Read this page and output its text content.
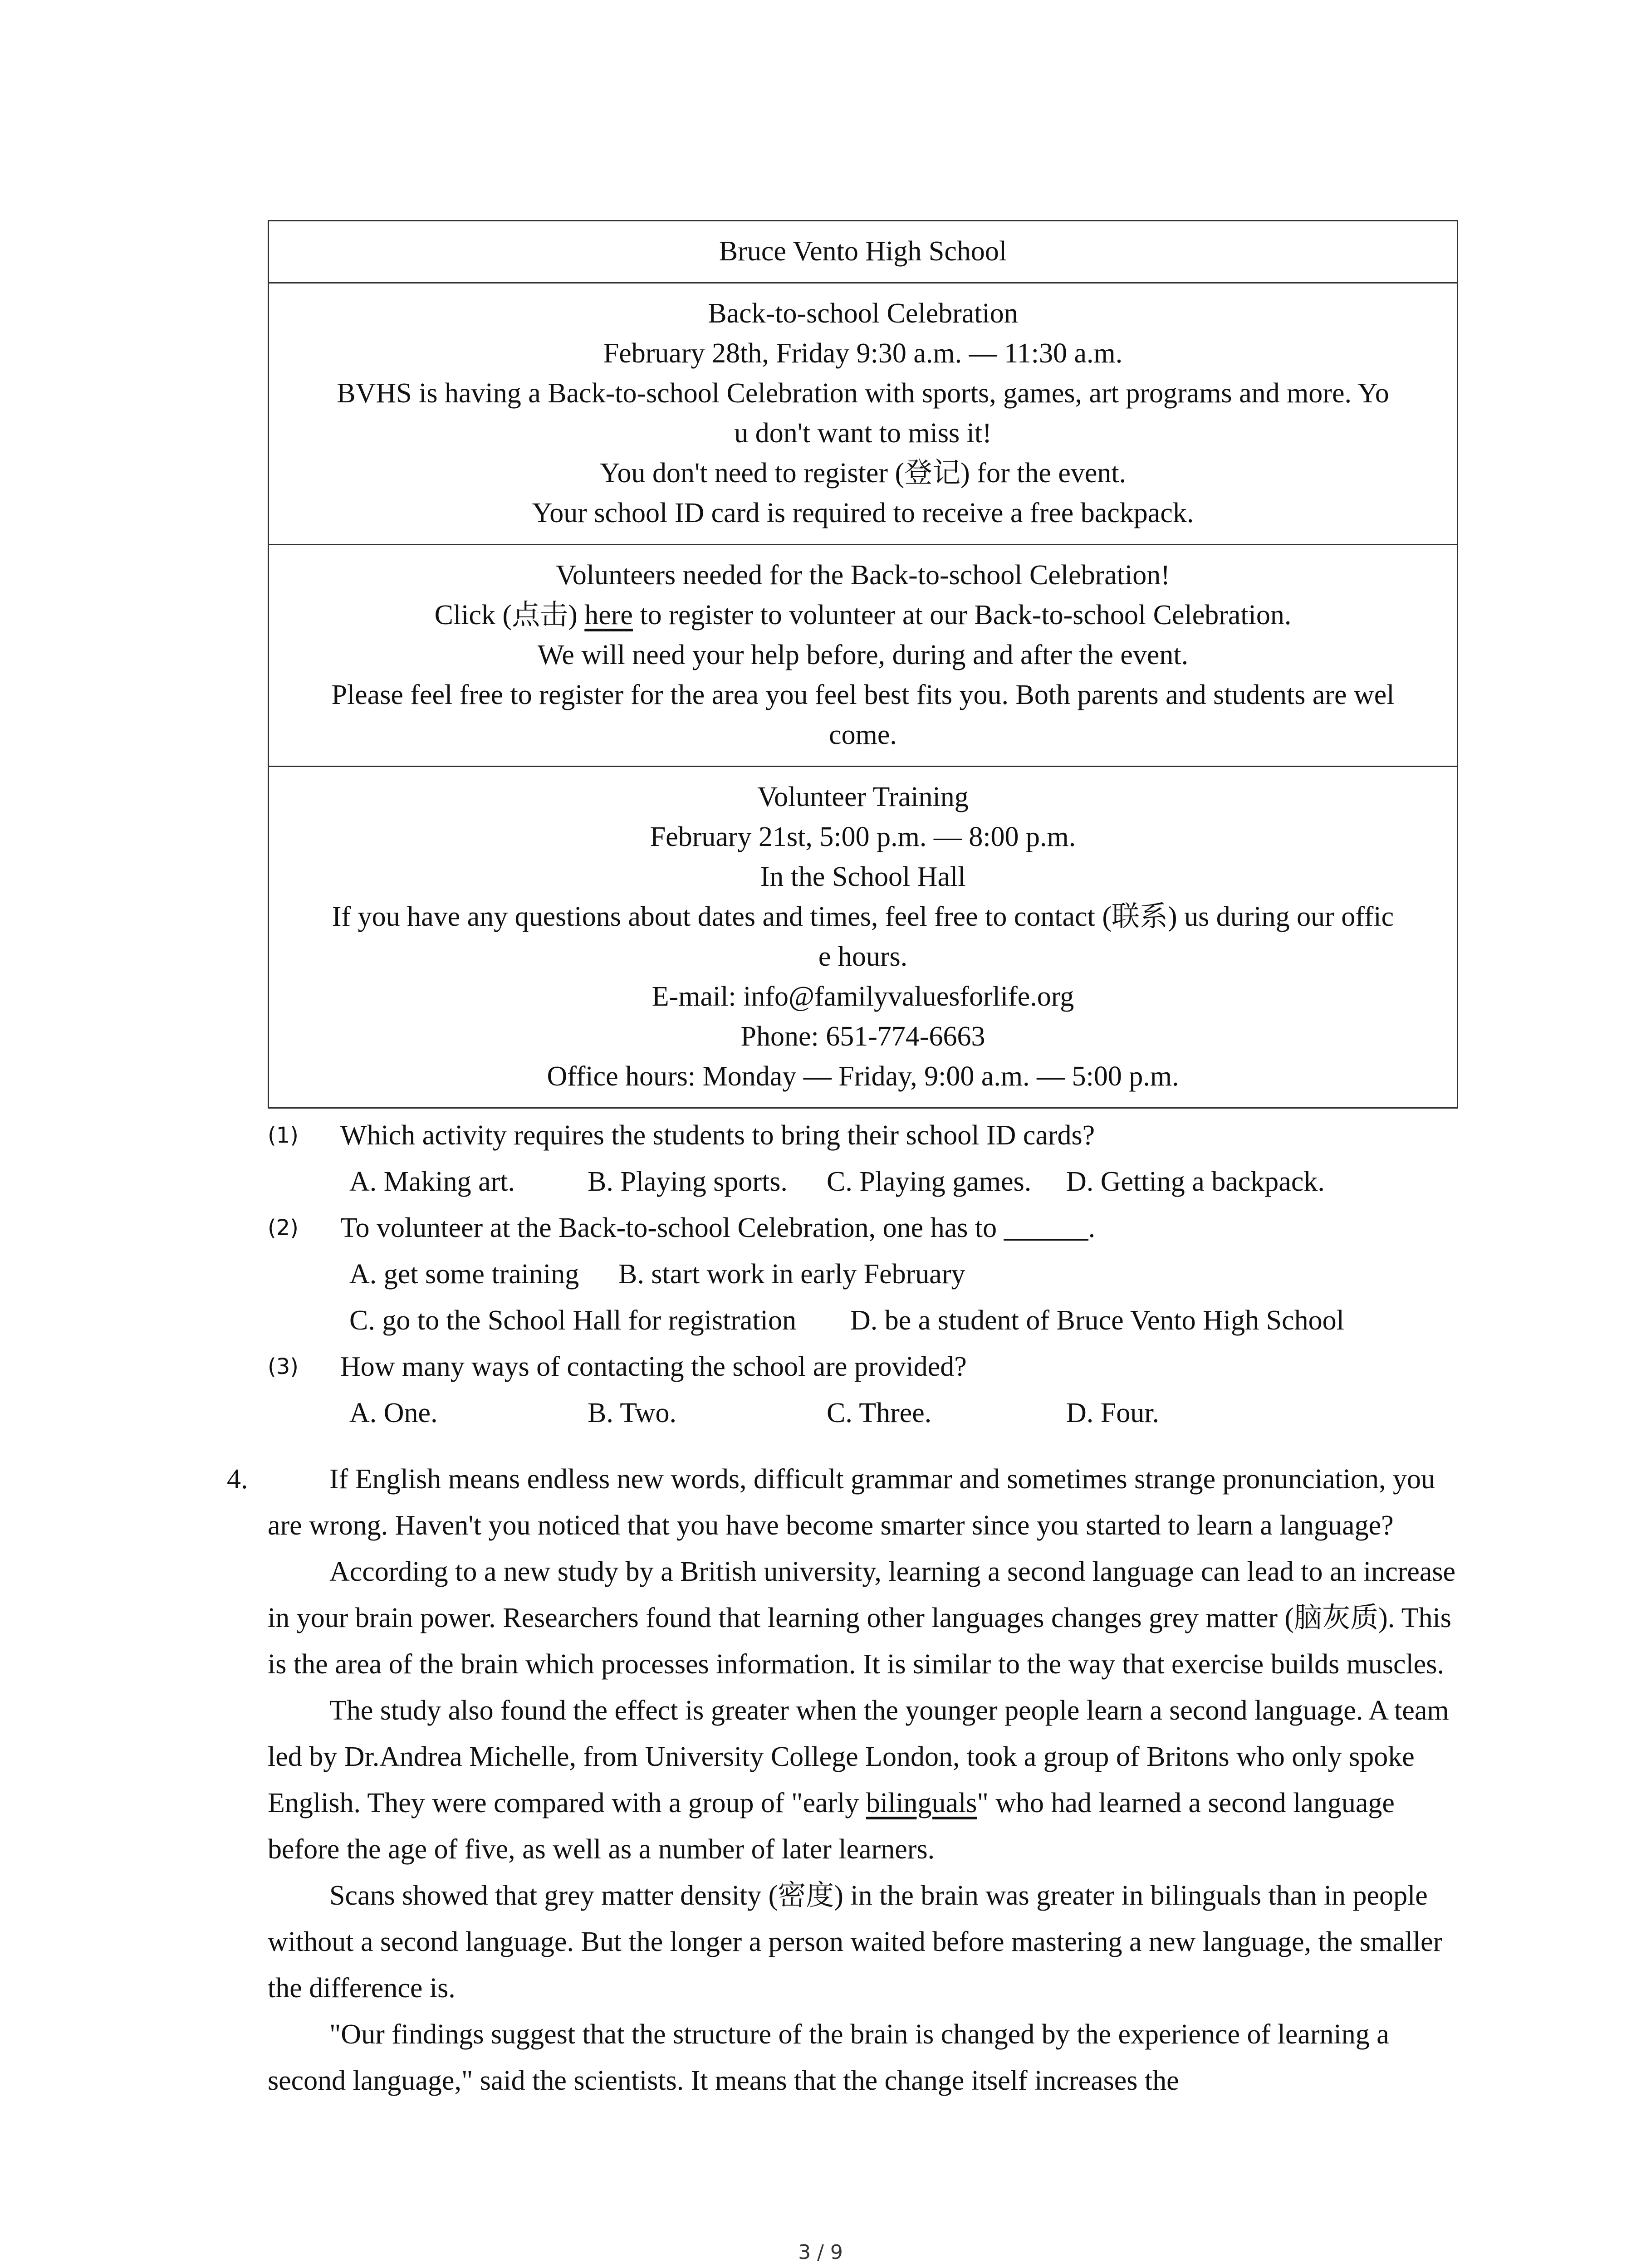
Bruce Vento High School
Back-to-school Celebration
February 28th, Friday 9:30 a.m. — 11:30 a.m.
BVHS is having a Back-to-school Celebration with sports, games, art programs and more. Yo
u don't want to miss it!
You don't need to register (登记) for the event.
Your school ID card is required to receive a free backpack.
Volunteers needed for the Back-to-school Celebration!
Click (点击) here to register to volunteer at our Back-to-school Celebration.
We will need your help before, during and after the event.
Please feel free to register for the area you feel best fits you. Both parents and students are wel
come.
Volunteer Training
February 21st, 5:00 p.m. — 8:00 p.m.
In the School Hall
If you have any questions about dates and times, feel free to contact (联系) us during our offic
e hours.
E-mail: info@familyvaluesforlife.org
Phone: 651-774-6663
Office hours: Monday — Friday, 9:00 a.m. — 5:00 p.m.
(1) Which activity requires the students to bring their school ID cards?
A. Making art.	B. Playing sports. C. Playing games. D. Getting a backpack.
(2) To volunteer at the Back-to-school Celebration, one has to ______.
A. get some training B. start work in early February
C. go to the School Hall for registration D. be a student of Bruce Vento High School
(3) How many ways of contacting the school are provided?
A. One.	B. Two.	C. Three.	D. Four.
4.	If English means endless new words, difficult grammar and sometimes strange pronunciation, you are wrong. Haven't you noticed that you have become smarter since you started to learn a language?

According to a new study by a British university, learning a second language can lead to an increase in your brain power. Researchers found that learning other languages changes grey matter (脑灰质). This is the area of the brain which processes information. It is similar to the way that exercise builds muscles.

The study also found the effect is greater when the younger people learn a second language. A team led by Dr.Andrea Michelle, from University College London, took a group of Britons who only spoke English. They were compared with a group of "early bilinguals" who had learned a second language before the age of five, as well as a number of later learners.

Scans showed that grey matter density (密度) in the brain was greater in bilinguals than in people without a second language. But the longer a person waited before mastering a new language, the smaller the difference is.

"Our findings suggest that the structure of the brain is changed by the experience of learning a second language," said the scientists. It means that the change itself increases the

3 / 9
